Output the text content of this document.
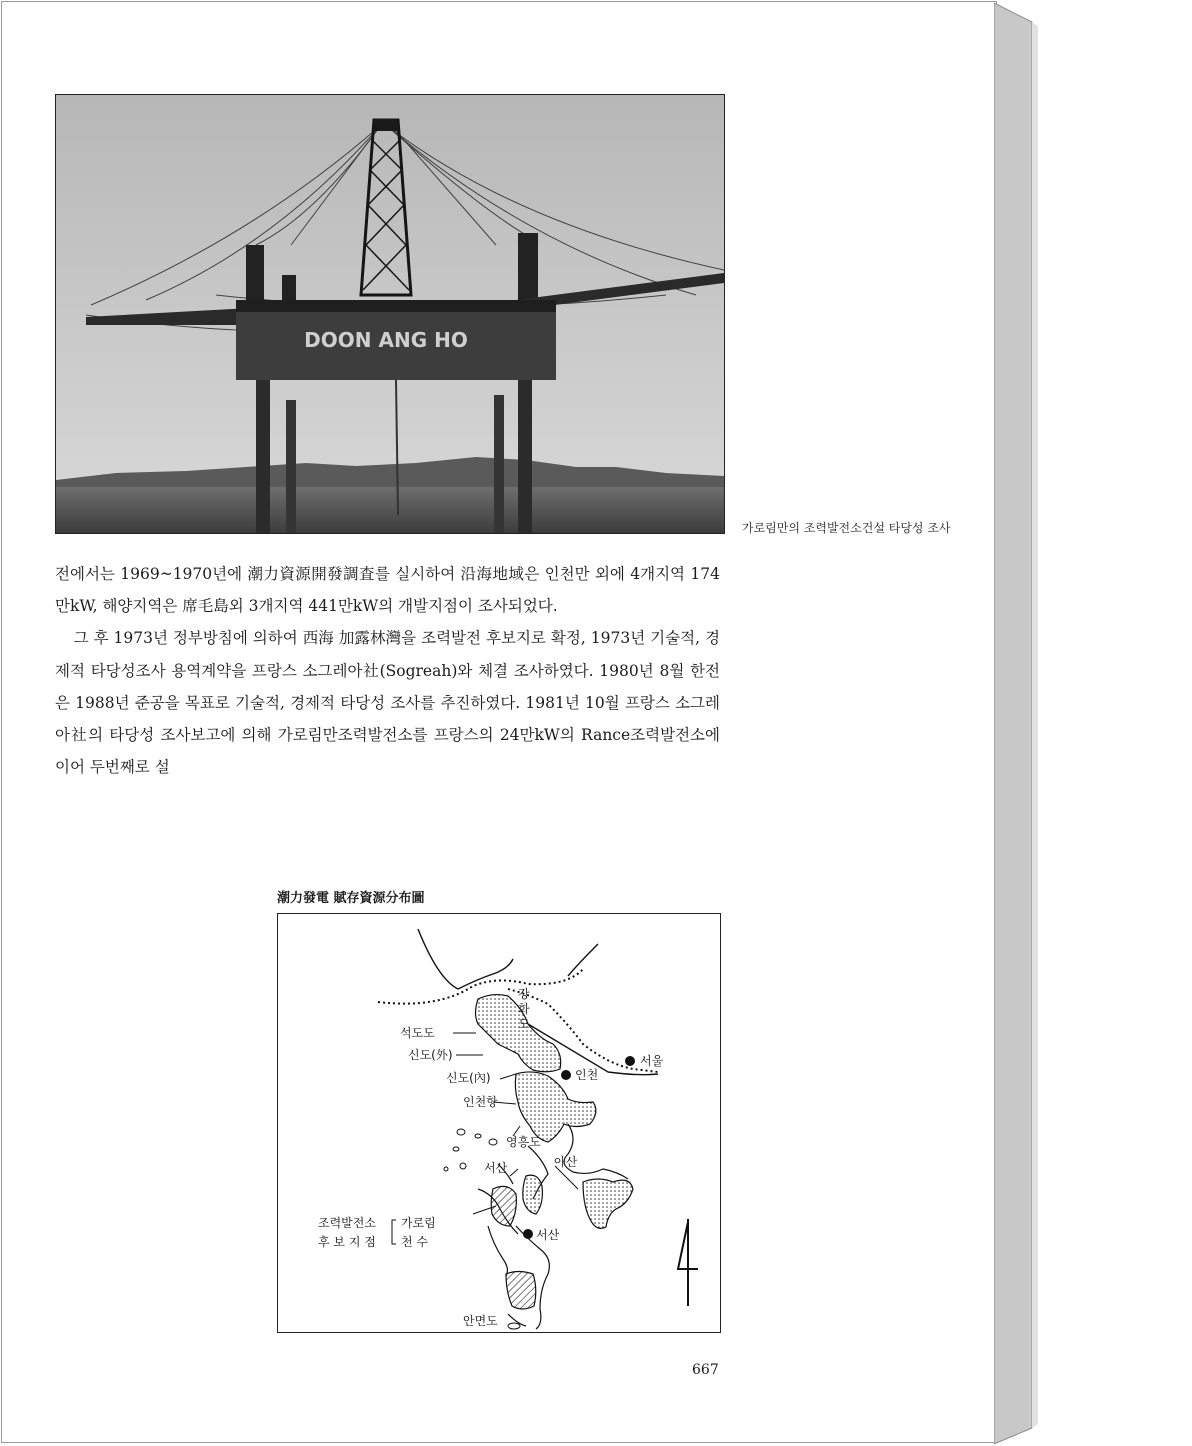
DOON ANG HO
가로림만의 조력발전소건설 타당성 조사

전에서는 1969~1970년에 潮力資源開發調査를 실시하여 沿海地域은 인천만 외에 4개지역 174만kW, 해양지역은 席毛島외 3개지역 441만kW의 개발지점이 조사되었다.

그 후 1973년 정부방침에 의하여 西海 加露林灣을 조력발전 후보지로 확정, 1973년 기술적, 경제적 타당성조사 용역계약을 프랑스 소그레아社(Sogreah)와 체결 조사하였다. 1980년 8월 한전은 1988년 준공을 목표로 기술적, 경제적 타당성 조사를 추진하였다. 1981년 10월 프랑스 소그레아社의 타당성 조사보고에 의해 가로림만조력발전소를 프랑스의 24만kW의 Rance조력발전소에 이어 두번째로 설

潮力發電 賦存資源分布圖
강
화
도
석도도
신도(外)
신도(內)
서울
인천
인천항
영흥도
아산
서산
서산
조력발전소
후 보 지 점
가로림
천 수
안면도
667
